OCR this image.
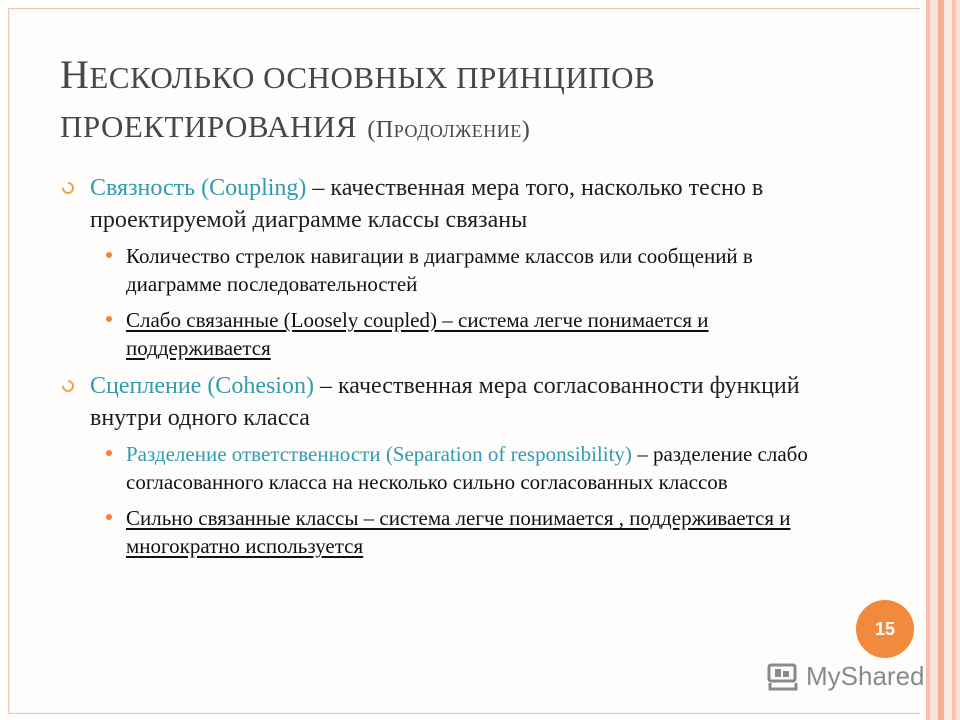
НЕСКОЛЬКО ОСНОВНЫХ ПРИНЦИПОВ
ПРОЕКТИРОВАНИЯ (ПРОДОЛЖЕНИЕ)
Связность (Coupling) – качественная мера того, насколько тесно в проектируемой диаграмме классы связаны
Количество стрелок навигации в диаграмме классов или сообщений в диаграмме последовательностей
Слабо связанные (Loosely coupled) – система легче понимается и поддерживается
Сцепление (Cohesion) – качественная мера согласованности функций внутри одного класса
Разделение ответственности (Separation of responsibility) – разделение слабо согласованного класса на несколько сильно согласованных классов
Сильно связанные классы – система легче понимается , поддерживается и многократно используется
15
MyShared
